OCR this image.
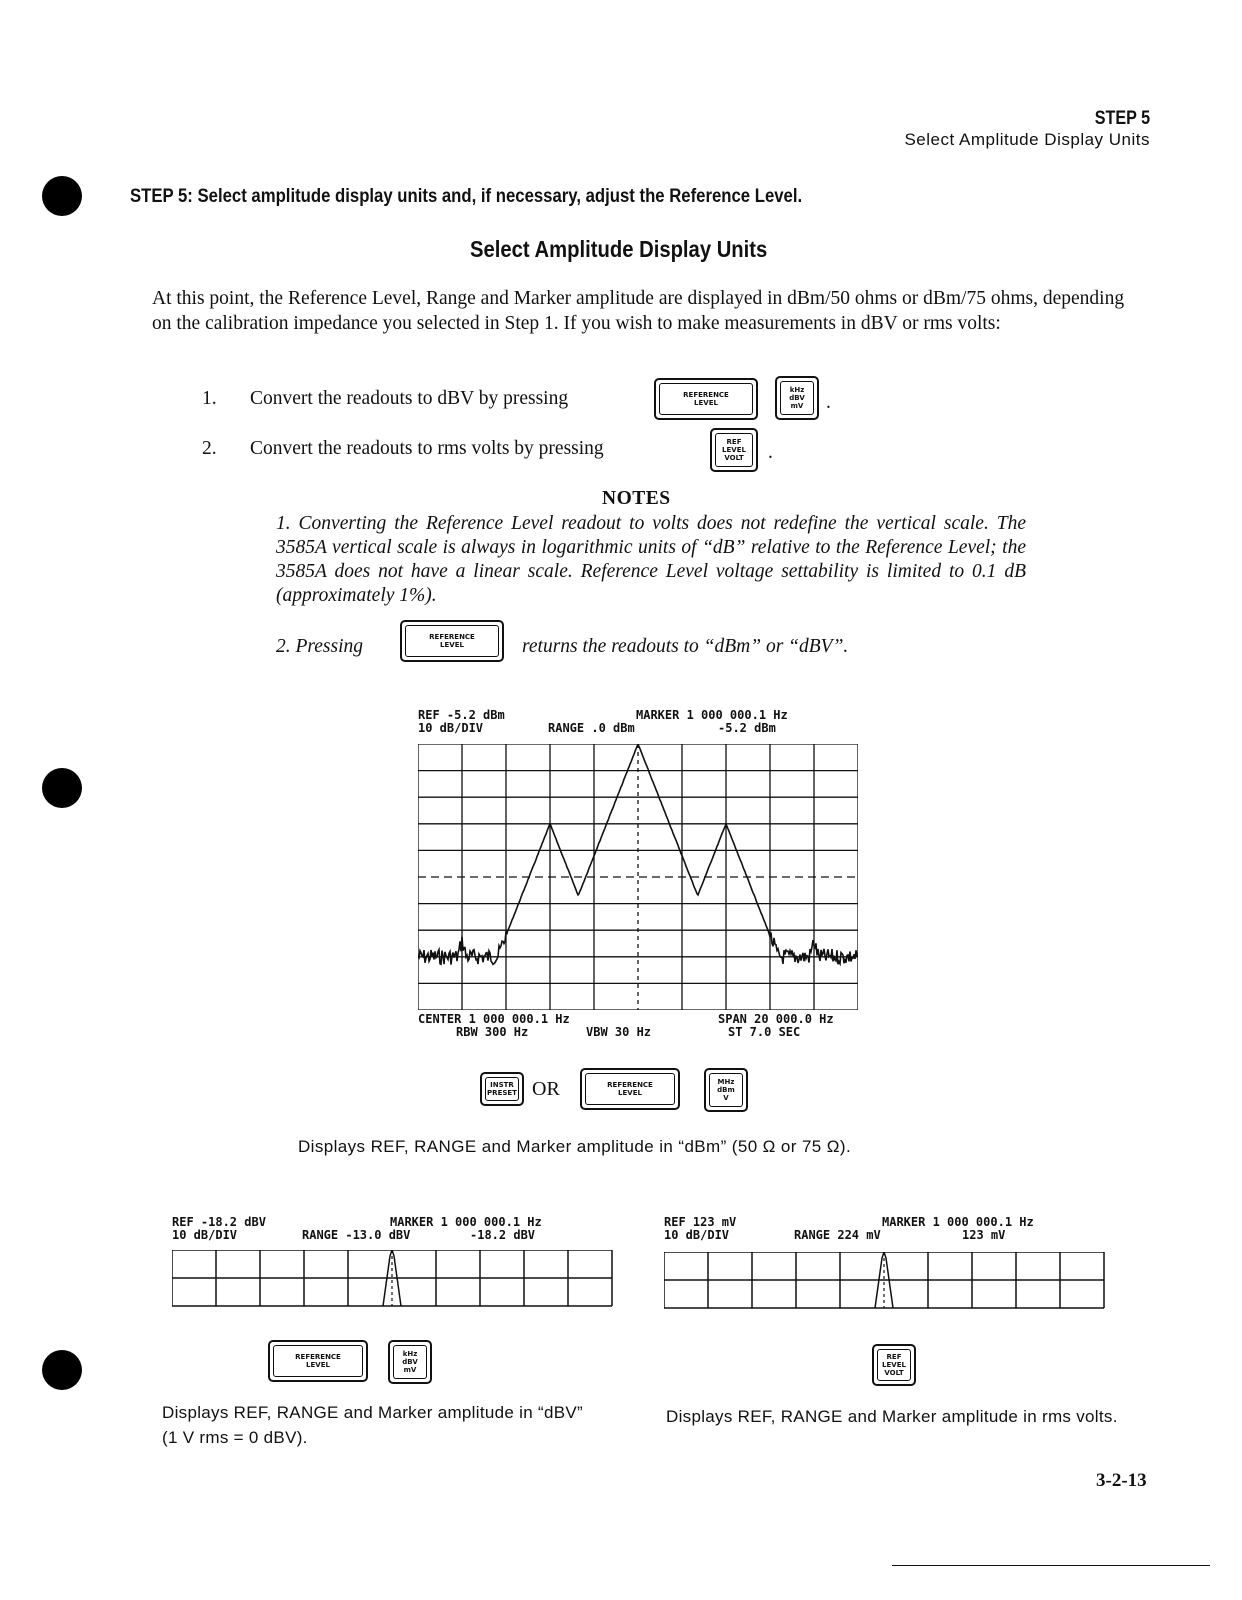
STEP 5
Select Amplitude Display Units
STEP 5: Select amplitude display units and, if necessary, adjust the Reference Level.
Select Amplitude Display Units

At this point, the Reference Level, Range and Marker amplitude are displayed in dBm/50 ohms or dBm/75 ohms, depending on the calibration impedance you selected in Step 1. If you wish to make measurements in dBV or rms volts:

1. Convert the readouts to dBV by pressing	REFERENCE
LEVEL
kHz
dBV
mV	.
2. Convert the readouts to rms volts by pressing	REF
LEVEL
VOLT	.
NOTES

1. Converting the Reference Level readout to volts does not redefine the vertical scale. The 3585A vertical scale is always in logarithmic units of “dB” relative to the Reference Level; the 3585A does not have a linear scale. Reference Level voltage settability is limited to 0.1 dB (approximately 1%).

2. Pressing	REFERENCE
LEVEL	returns the readouts to “dBm” or “dBV”.
REF -5.2 dBm
10 dB/DIV	RANGE .0 dBm
MARKER 1 000 000.1 Hz
-5.2 dBm
CENTER 1 000 000.1 Hz
RBW 300 Hz	VBW 30 Hz
SPAN 20 000.0 Hz
ST 7.0 SEC
INSTR
PRESET OR	REFERENCE
LEVEL
MHz
dBm
V
Displays REF, RANGE and Marker amplitude in “dBm” (50 Ω or 75 Ω).
REF -18.2 dBV
10 dB/DIV	RANGE -13.0 dBV
MARKER 1 000 000.1 Hz
-18.2 dBV
REFERENCE
LEVEL
kHz
dBV
mV

Displays REF, RANGE and Marker amplitude in “dBV” (1 V rms = 0 dBV).

REF 123 mV
10 dB/DIV	RANGE 224 mV
MARKER 1 000 000.1 Hz
123 mV
REF
LEVEL
VOLT

Displays REF, RANGE and Marker amplitude in rms volts.

3-2-13
